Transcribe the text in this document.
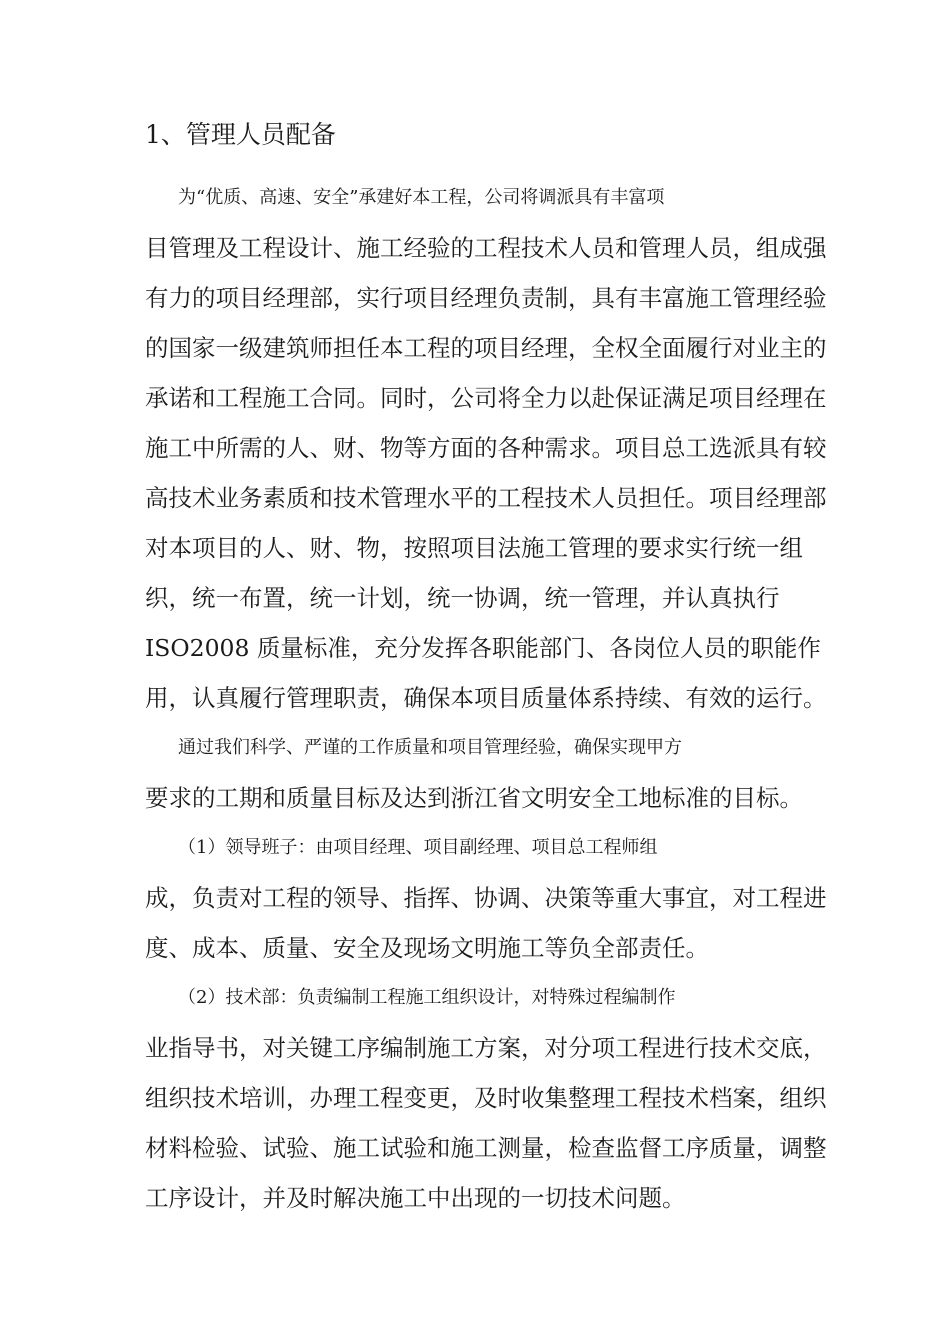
1、管理人员配备

为“优质、高速、安全”承建好本工程，公司将调派具有丰富项

目管理及工程设计、施工经验的工程技术人员和管理人员，组成强

有力的项目经理部，实行项目经理负责制，具有丰富施工管理经验

的国家一级建筑师担任本工程的项目经理，全权全面履行对业主的

承诺和工程施工合同。同时，公司将全力以赴保证满足项目经理在

施工中所需的人、财、物等方面的各种需求。项目总工选派具有较

高技术业务素质和技术管理水平的工程技术人员担任。项目经理部

对本项目的人、财、物，按照项目法施工管理的要求实行统一组

织，统一布置，统一计划，统一协调，统一管理，并认真执行

ISO2008 质量标准，充分发挥各职能部门、各岗位人员的职能作

用，认真履行管理职责，确保本项目质量体系持续、有效的运行。

通过我们科学、严谨的工作质量和项目管理经验，确保实现甲方

要求的工期和质量目标及达到浙江省文明安全工地标准的目标。

（1）领导班子：由项目经理、项目副经理、项目总工程师组

成，负责对工程的领导、指挥、协调、决策等重大事宜，对工程进

度、成本、质量、安全及现场文明施工等负全部责任。

（2）技术部：负责编制工程施工组织设计，对特殊过程编制作

业指导书，对关键工序编制施工方案，对分项工程进行技术交底，

组织技术培训，办理工程变更，及时收集整理工程技术档案，组织

材料检验、试验、施工试验和施工测量，检查监督工序质量，调整

工序设计，并及时解决施工中出现的一切技术问题。
